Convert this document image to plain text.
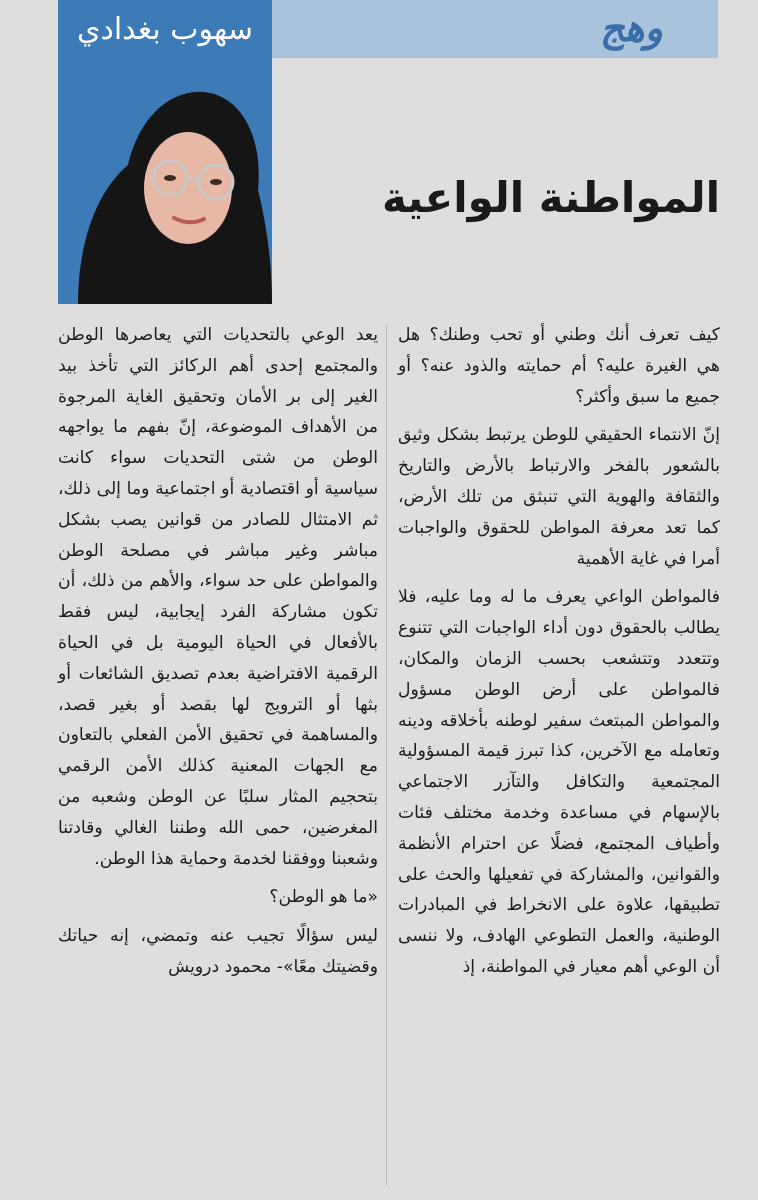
وهج
سهوب بغدادي
المواطنة الواعية

كيف تعرف أنك وطني أو تحب وطنك؟ هل هي الغيرة عليه؟ أم حمايته والذود عنه؟ أو جميع ما سبق وأكثر؟

إنّ الانتماء الحقيقي للوطن يرتبط بشكل وثيق بالشعور بالفخر والارتباط بالأرض والتاريخ والثقافة والهوية التي تنبثق من تلك الأرض، كما تعد معرفة المواطن للحقوق والواجبات أمرا في غاية الأهمية

فالمواطن الواعي يعرف ما له وما عليه، فلا يطالب بالحقوق دون أداء الواجبات التي تتنوع وتتعدد وتتشعب بحسب الزمان والمكان، فالمواطن على أرض الوطن مسؤول والمواطن المبتعث سفير لوطنه بأخلاقه ودينه وتعامله مع الآخرين، كذا تبرز قيمة المسؤولية المجتمعية والتكافل والتآزر الاجتماعي بالإسهام في مساعدة وخدمة مختلف فئات وأطياف المجتمع، فضلًا عن احترام الأنظمة والقوانين، والمشاركة في تفعيلها والحث على تطبيقها، علاوة على الانخراط في المبادرات الوطنية، والعمل التطوعي الهادف، ولا ننسى أن الوعي أهم معيار في المواطنة، إذ

يعد الوعي بالتحديات التي يعاصرها الوطن والمجتمع إحدى أهم الركائز التي تأخذ بيد الغير إلى بر الأمان وتحقيق الغاية المرجوة من الأهداف الموضوعة، إنّ بفهم ما يواجهه الوطن من شتى التحديات سواء كانت سياسية أو اقتصادية أو اجتماعية وما إلى ذلك، ثم الامتثال للصادر من قوانين يصب بشكل مباشر وغير مباشر في مصلحة الوطن والمواطن على حد سواء، والأهم من ذلك، أن تكون مشاركة الفرد إيجابية، ليس فقط بالأفعال في الحياة اليومية بل في الحياة الرقمية الافتراضية بعدم تصديق الشائعات أو بثها أو الترويج لها بقصد أو بغير قصد، والمساهمة في تحقيق الأمن الفعلي بالتعاون مع الجهات المعنية كذلك الأمن الرقمي بتحجيم المثار سلبًا عن الوطن وشعبه من المغرضين، حمى الله وطننا الغالي وقادتنا وشعبنا ووفقنا لخدمة وحماية هذا الوطن.

«ما هو الوطن؟

ليس سؤالًا تجيب عنه وتمضي، إنه حياتك وقضيتك معًا»- محمود درويش
